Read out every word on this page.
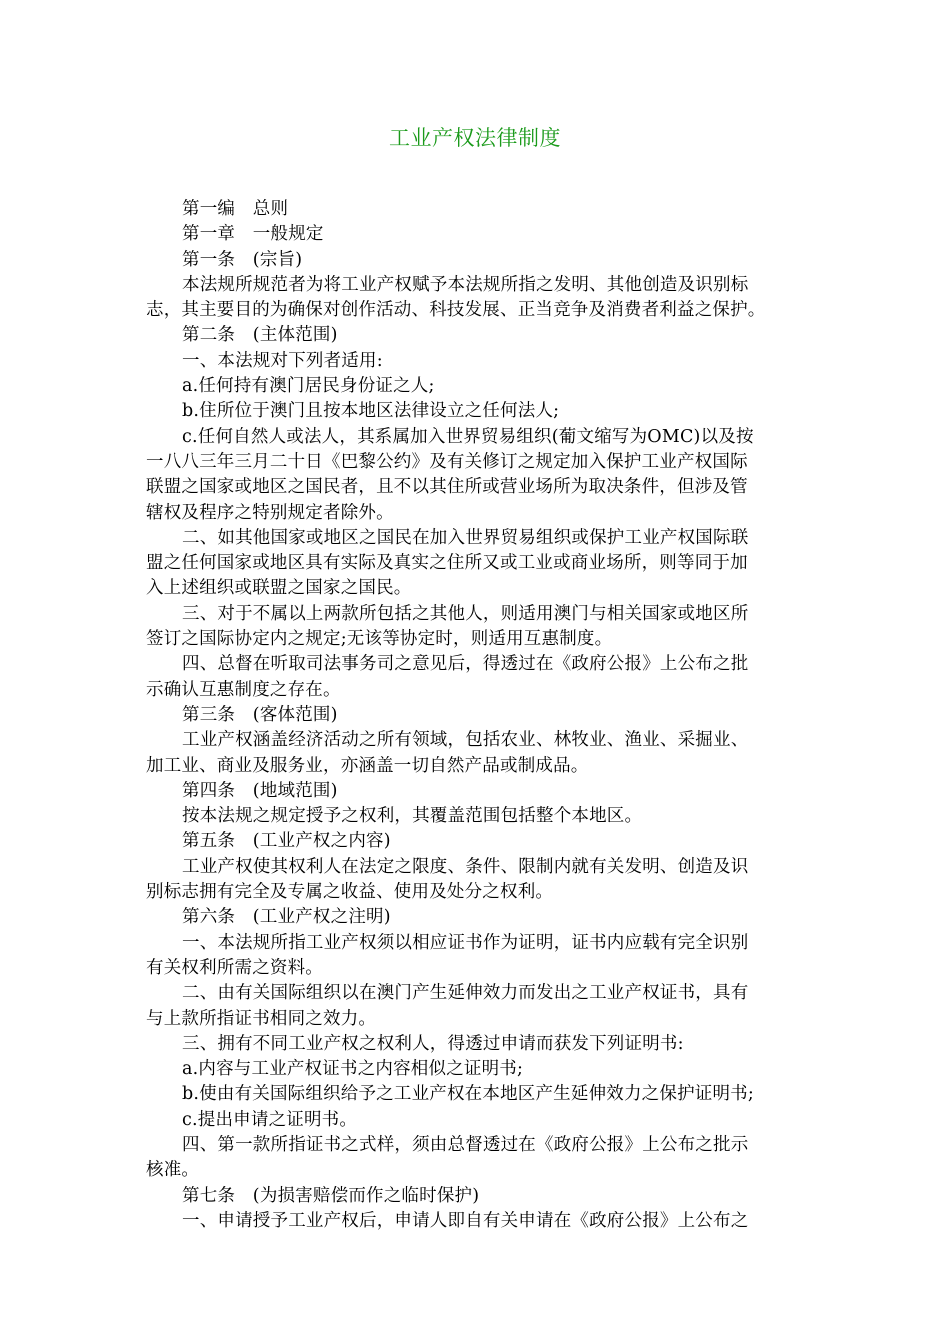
工业产权法律制度
第一编　总则
第一章　一般规定
第一条　(宗旨)
本法规所规范者为将工业产权赋予本法规所指之发明、其他创造及识别标
志，其主要目的为确保对创作活动、科技发展、正当竞争及消费者利益之保护。
第二条　(主体范围)
一、本法规对下列者适用:
a.任何持有澳门居民身份证之人;
b.住所位于澳门且按本地区法律设立之任何法人;
c.任何自然人或法人，其系属加入世界贸易组织(葡文缩写为OMC)以及按
一八八三年三月二十日《巴黎公约》及有关修订之规定加入保护工业产权国际
联盟之国家或地区之国民者，且不以其住所或营业场所为取决条件，但涉及管
辖权及程序之特别规定者除外。
二、如其他国家或地区之国民在加入世界贸易组织或保护工业产权国际联
盟之任何国家或地区具有实际及真实之住所又或工业或商业场所，则等同于加
入上述组织或联盟之国家之国民。
三、对于不属以上两款所包括之其他人，则适用澳门与相关国家或地区所
签订之国际协定内之规定;无该等协定时，则适用互惠制度。
四、总督在听取司法事务司之意见后，得透过在《政府公报》上公布之批
示确认互惠制度之存在。
第三条　(客体范围)
工业产权涵盖经济活动之所有领域，包括农业、林牧业、渔业、采掘业、
加工业、商业及服务业，亦涵盖一切自然产品或制成品。
第四条　(地域范围)
按本法规之规定授予之权利，其覆盖范围包括整个本地区。
第五条　(工业产权之内容)
工业产权使其权利人在法定之限度、条件、限制内就有关发明、创造及识
别标志拥有完全及专属之收益、使用及处分之权利。
第六条　(工业产权之注明)
一、本法规所指工业产权须以相应证书作为证明，证书内应载有完全识别
有关权利所需之资料。
二、由有关国际组织以在澳门产生延伸效力而发出之工业产权证书，具有
与上款所指证书相同之效力。
三、拥有不同工业产权之权利人，得透过申请而获发下列证明书:
a.内容与工业产权证书之内容相似之证明书;
b.使由有关国际组织给予之工业产权在本地区产生延伸效力之保护证明书;
c.提出申请之证明书。
四、第一款所指证书之式样，须由总督透过在《政府公报》上公布之批示
核准。
第七条　(为损害赔偿而作之临时保护)
一、申请授予工业产权后，申请人即自有关申请在《政府公报》上公布之
